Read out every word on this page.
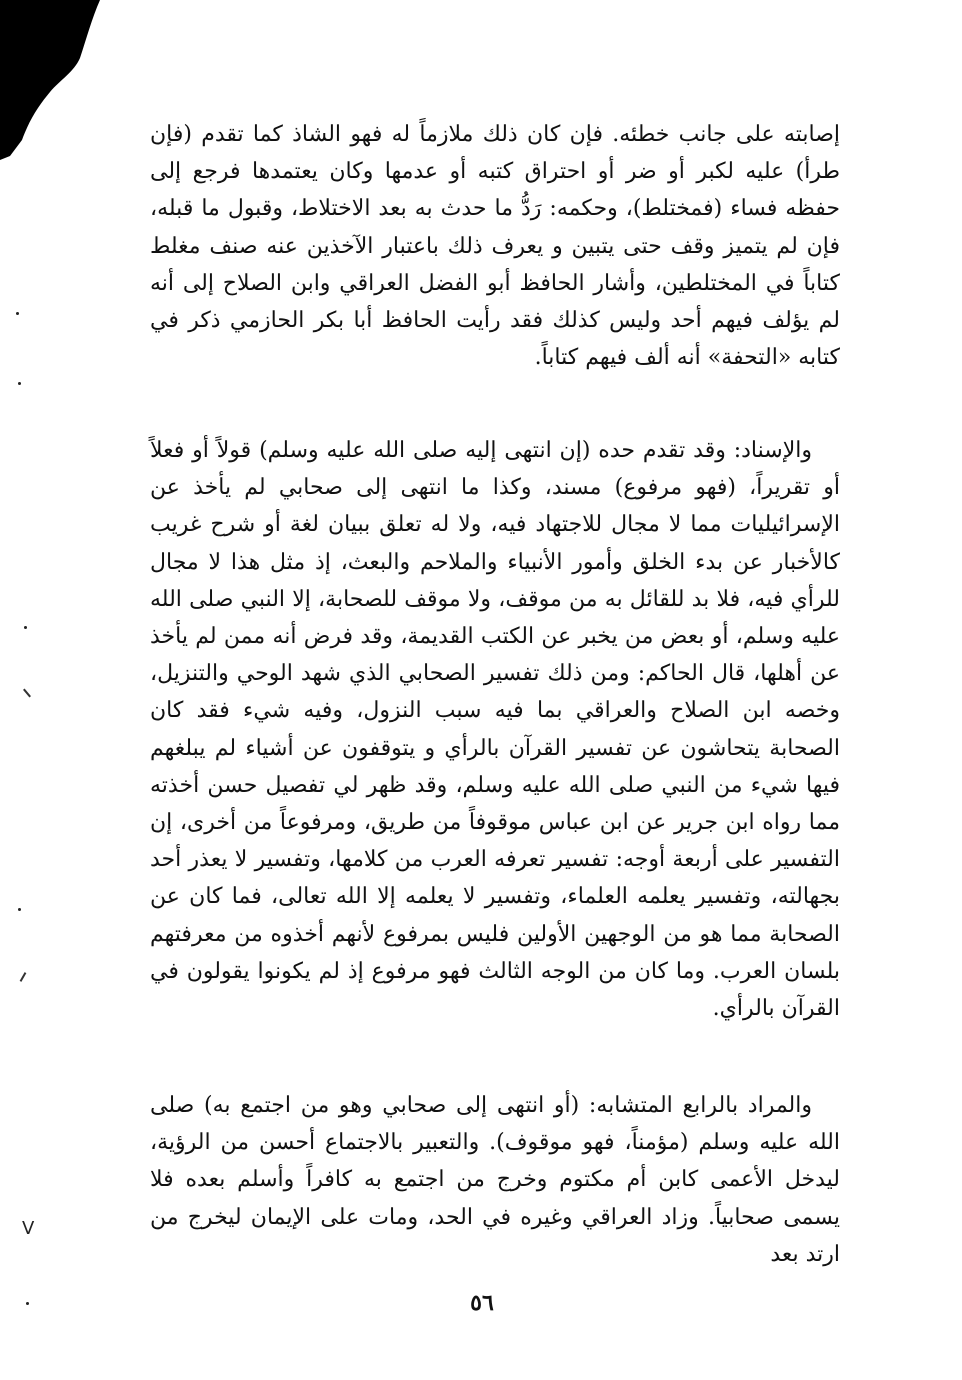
إصابته على جانب خطئه. فإن كان ذلك ملازماً له فهو الشاذ كما تقدم (فإن طرأ) عليه لكبر أو ضر أو احتراق كتبه أو عدمها وكان يعتمدها فرجع إلى حفظه فساء (فمختلط)، وحكمه: رَدُّ ما حدث به بعد الاختلاط، وقبول ما قبله، فإن لم يتميز وقف حتى يتبين و يعرف ذلك باعتبار الآخذين عنه صنف مغلط كتاباً في المختلطين، وأشار الحافظ أبو الفضل العراقي وابن الصلاح إلى أنه لم يؤلف فيهم أحد وليس كذلك فقد رأيت الحافظ أبا بكر الحازمي ذكر في كتابه «التحفة» أنه ألف فيهم كتاباً.

والإسناد: وقد تقدم حده (إن انتهى إليه صلى الله عليه وسلم) قولاً أو فعلاً أو تقريراً، (فهو مرفوع) مسند، وكذا ما انتهى إلى صحابي لم يأخذ عن الإسرائيليات مما لا مجال للاجتهاد فيه، ولا له تعلق ببيان لغة أو شرح غريب كالأخبار عن بدء الخلق وأمور الأنبياء والملاحم والبعث، إذ مثل هذا لا مجال للرأي فيه، فلا بد للقائل به من موقف، ولا موقف للصحابة، إلا النبي صلى الله عليه وسلم، أو بعض من يخبر عن الكتب القديمة، وقد فرض أنه ممن لم يأخذ عن أهلها، قال الحاكم: ومن ذلك تفسير الصحابي الذي شهد الوحي والتنزيل، وخصه ابن الصلاح والعراقي بما فيه سبب النزول، وفيه شيء فقد كان الصحابة يتحاشون عن تفسير القرآن بالرأي و يتوقفون عن أشياء لم يبلغهم فيها شيء من النبي صلى الله عليه وسلم، وقد ظهر لي تفصيل حسن أخذته مما رواه ابن جرير عن ابن عباس موقوفاً من طريق، ومرفوعاً من أخرى، إن التفسير على أربعة أوجه: تفسير تعرفه العرب من كلامها، وتفسير لا يعذر أحد بجهالته، وتفسير يعلمه العلماء، وتفسير لا يعلمه إلا الله تعالى، فما كان عن الصحابة مما هو من الوجهين الأولين فليس بمرفوع لأنهم أخذوه من معرفتهم بلسان العرب. وما كان من الوجه الثالث فهو مرفوع إذ لم يكونوا يقولون في القرآن بالرأي.

والمراد بالرابع المتشابه: (أو انتهى إلى صحابي وهو من اجتمع به) صلى الله عليه وسلم (مؤمناً، فهو موقوف). والتعبير بالاجتماع أحسن من الرؤية، ليدخل الأعمى كابن أم مكتوم وخرج من اجتمع به كافراً وأسلم بعده فلا يسمى صحابياً. وزاد العراقي وغيره في الحد، ومات على الإيمان ليخرج من ارتد بعد

٥٦
V
